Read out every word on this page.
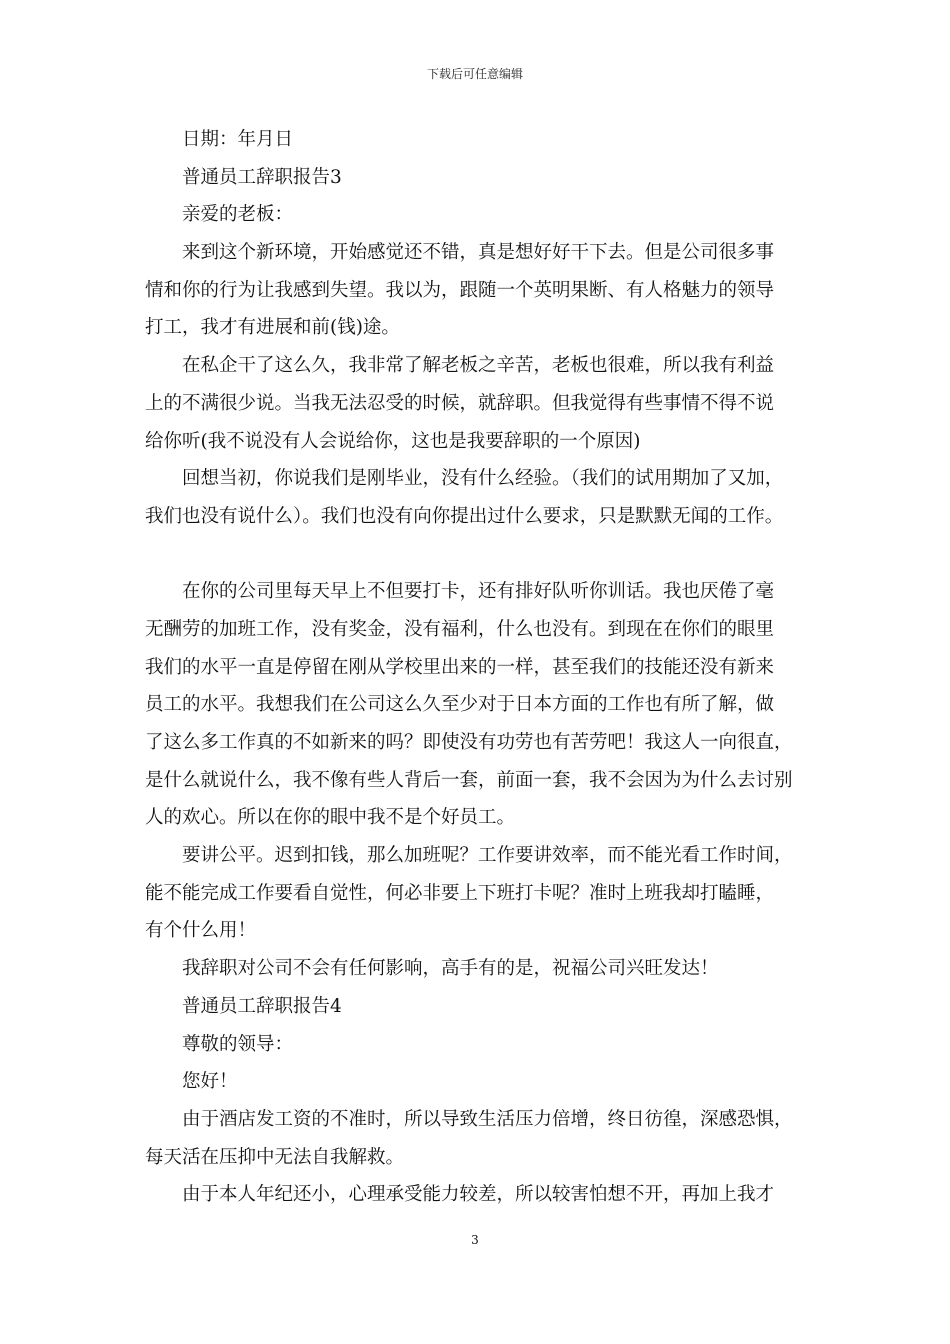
下载后可任意编辑
日期：年月日
普通员工辞职报告3
亲爱的老板：
来到这个新环境，开始感觉还不错，真是想好好干下去。但是公司很多事
情和你的行为让我感到失望。我以为，跟随一个英明果断、有人格魅力的领导
打工，我才有进展和前(钱)途。
在私企干了这么久，我非常了解老板之辛苦，老板也很难，所以我有利益
上的不满很少说。当我无法忍受的时候，就辞职。但我觉得有些事情不得不说
给你听(我不说没有人会说给你，这也是我要辞职的一个原因)
回想当初，你说我们是刚毕业，没有什么经验。（我们的试用期加了又加，
我们也没有说什么）。我们也没有向你提出过什么要求，只是默默无闻的工作。
在你的公司里每天早上不但要打卡，还有排好队听你训话。我也厌倦了毫
无酬劳的加班工作，没有奖金，没有福利，什么也没有。到现在在你们的眼里
我们的水平一直是停留在刚从学校里出来的一样，甚至我们的技能还没有新来
员工的水平。我想我们在公司这么久至少对于日本方面的工作也有所了解，做
了这么多工作真的不如新来的吗？即使没有功劳也有苦劳吧！我这人一向很直，
是什么就说什么，我不像有些人背后一套，前面一套，我不会因为为什么去讨别
人的欢心。所以在你的眼中我不是个好员工。
要讲公平。迟到扣钱，那么加班呢？工作要讲效率，而不能光看工作时间，
能不能完成工作要看自觉性，何必非要上下班打卡呢？准时上班我却打瞌睡，
有个什么用！
我辞职对公司不会有任何影响，高手有的是，祝福公司兴旺发达！
普通员工辞职报告4
尊敬的领导：
您好！
由于酒店发工资的不准时，所以导致生活压力倍增，终日彷徨，深感恐惧，
每天活在压抑中无法自我解救。
由于本人年纪还小，心理承受能力较差，所以较害怕想不开，再加上我才
3
